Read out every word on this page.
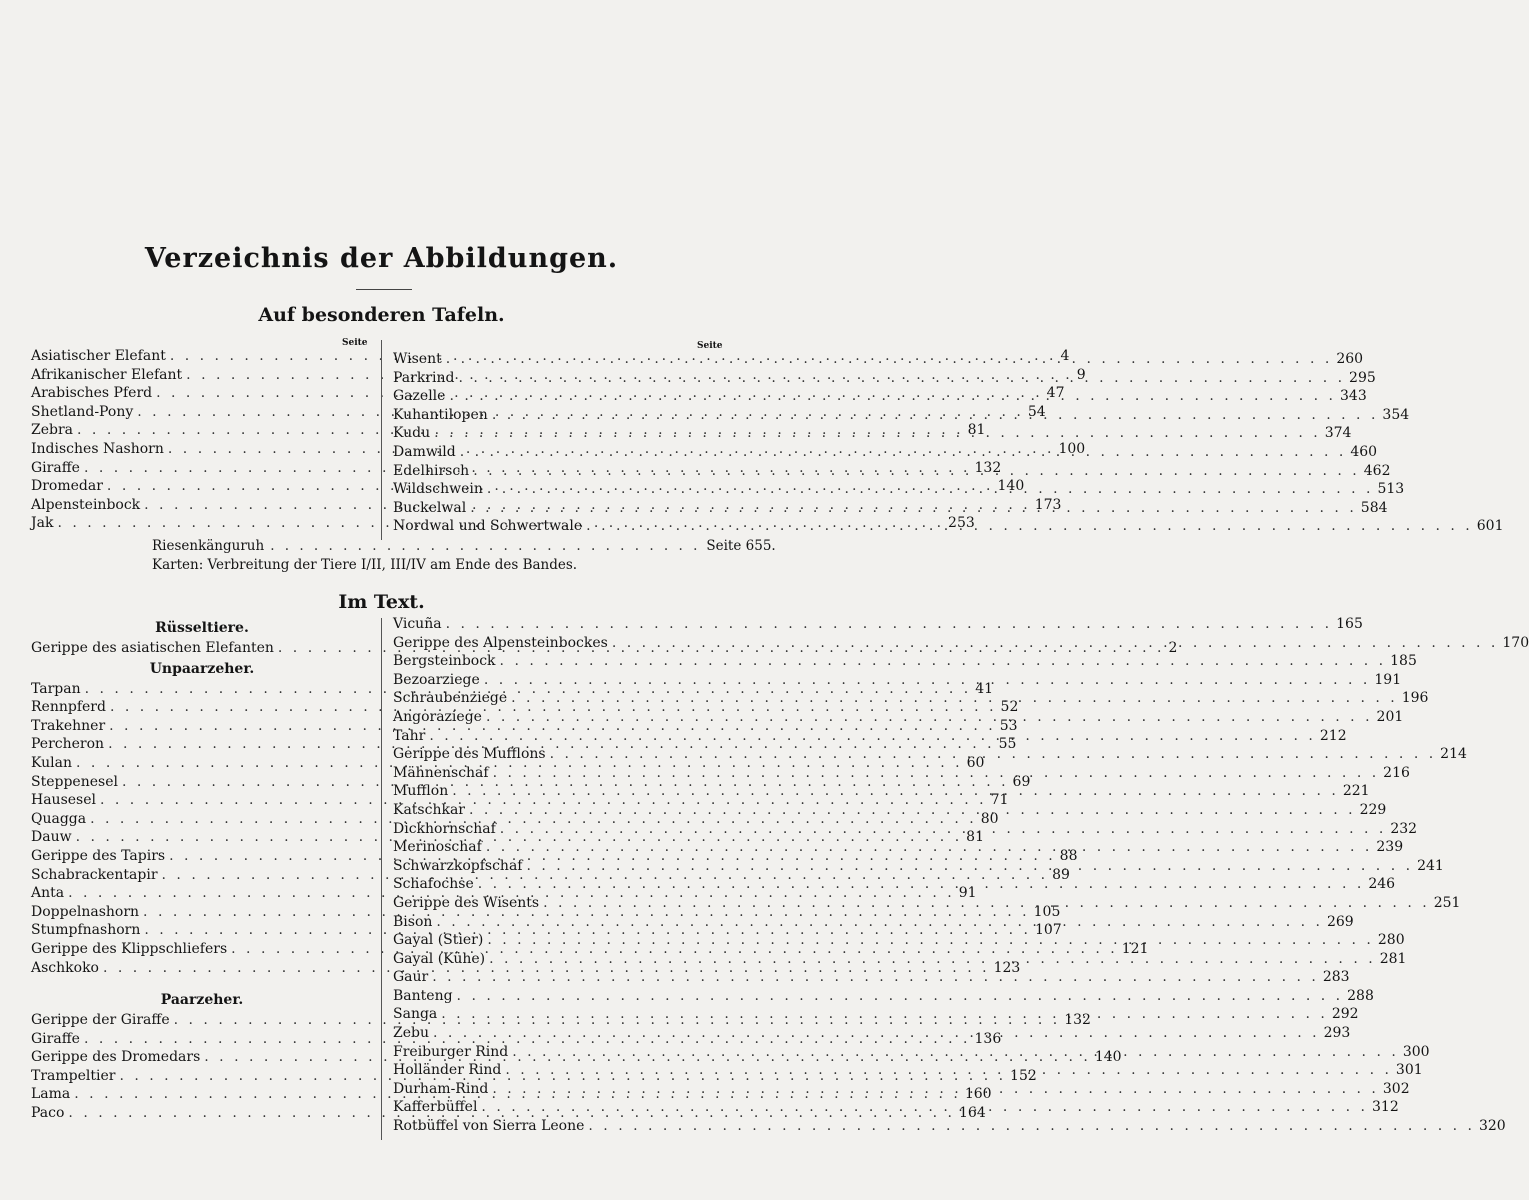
Verzeichnis der Abbildungen.
Auf besonderen Tafeln.
Seite	Seite
Asiatischer Elefant . . .	4
Afrikanischer Elefant . . .	9
Arabisches Pferd . . .	47
Shetland-Pony . . .	54
Zebra . . .	81
Indisches Nashorn . . .	100
Giraffe . . .	132
Dromedar . . .	140
Alpensteinbock . . .	173
Jak . . .	253
Wisent . . .	260
Parkrind . . .	295
Gazelle . . .	343
Kuhantilopen . . .	354
Kudu . . .	374
Damwild . . .	460
Edelhirsch . . .	462
Wildschwein . . .	513
Buckelwal . . .	584
Nordwal und Schwertwale . . .	601
Riesenkänguruh . . . . . . . . . . . . . . . . . . . . . . . . . . . . . . Seite 655.
Karten: Verbreitung der Tiere I/II, III/IV am Ende des Bandes.
Im Text.
Rüsseltiere.
Gerippe des asiatischen Elefanten . . .	2
Unpaarzeher.
Tarpan . . .	41
Rennpferd . . .	52
Trakehner . . .	53
Percheron . . .	55
Kulan . . .	60
Steppenesel . . .	69
Hausesel . . .	71
Quagga . . .	80
Dauw . . .	81
Gerippe des Tapirs . . .	88
Schabrackentapir . . .	89
Anta . . .	91
Doppelnashorn . . .	105
Stumpfnashorn . . .	107
Gerippe des Klippschliefers . . .	121
Aschkoko . . .	123
Paarzeher.
Gerippe der Giraffe . . .	132
Giraffe . . .	136
Gerippe des Dromedars . . .	140
Trampeltier . . .	152
Lama . . .	160
Paco . . .	164
Vicuña . . .	165
Gerippe des Alpensteinbockes . . .	170
Bergsteinbock . . .	185
Bezoarziege . . .	191
Schraubenziege . . .	196
Angoraziege . . .	201
Tahr . . .	212
Gerippe des Mufflons . . .	214
Mähnenschaf . . .	216
Mufflon . . .	221
Katschkar . . .	229
Dickhornschaf . . .	232
Merinoschaf . . .	239
Schwarzkopfschaf . . .	241
Schafochse . . .	246
Gerippe des Wisents . . .	251
Bison . . .	269
Gayal (Stier) . . .	280
Gayal (Kühe) . . .	281
Gaur . . .	283
Banteng . . .	288
Sanga . . .	292
Zebu . . .	293
Freiburger Rind . . .	300
Holländer Rind . . .	301
Durham-Rind . . .	302
Kafferbüffel . . .	312
Rotbüffel von Sierra Leone . . .	320
